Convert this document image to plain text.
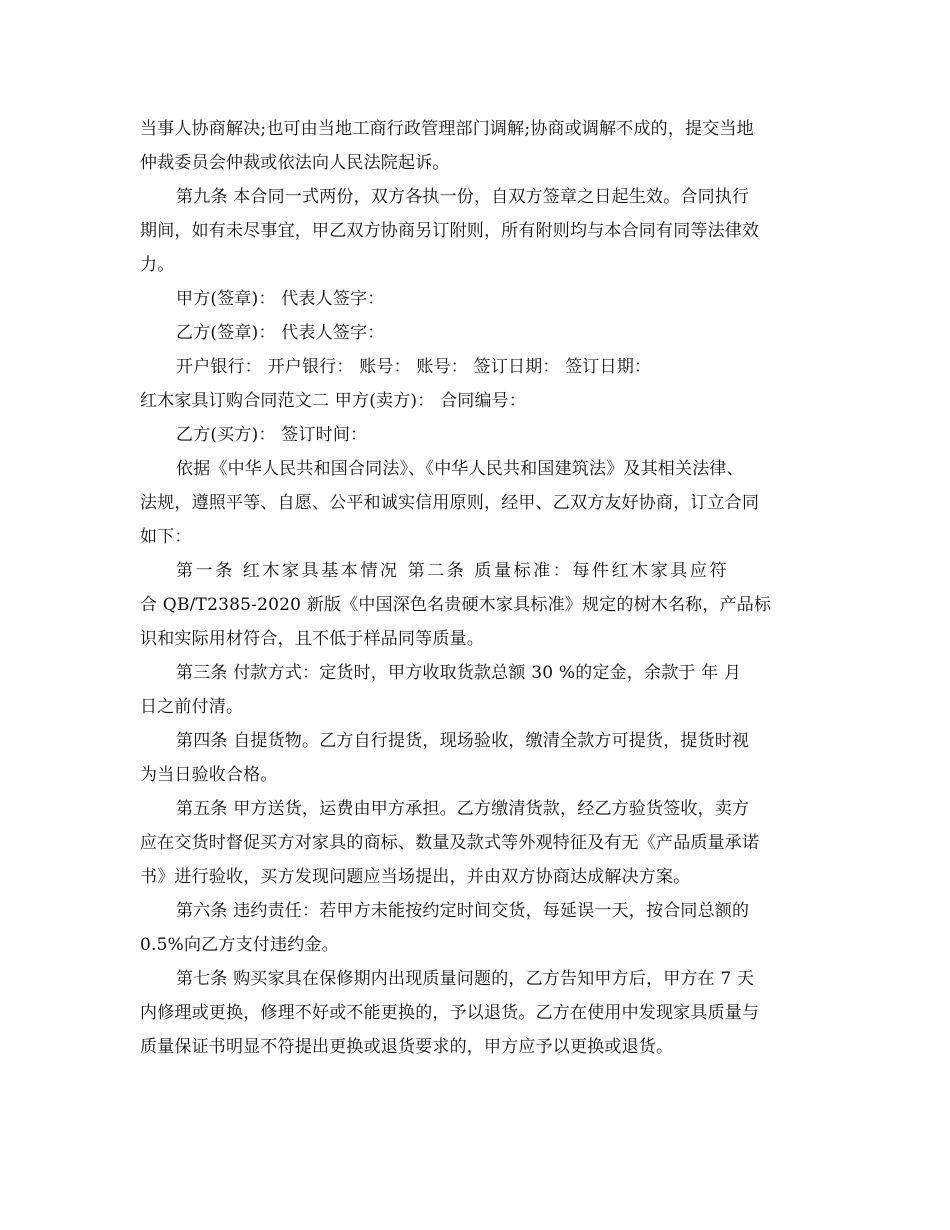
当事人协商解决;也可由当地工商行政管理部门调解;协商或调解不成的，提交当地
仲裁委员会仲裁或依法向人民法院起诉。
第九条 本合同一式两份，双方各执一份，自双方签章之日起生效。合同执行
期间，如有未尽事宜，甲乙双方协商另订附则，所有附则均与本合同有同等法律效
力。
甲方(签章)： 代表人签字：
乙方(签章)： 代表人签字：
开户银行： 开户银行： 账号： 账号： 签订日期： 签订日期：
红木家具订购合同范文二 甲方(卖方)： 合同编号：
乙方(买方)： 签订时间：
依据《中华人民共和国合同法》、《中华人民共和国建筑法》及其相关法律、
法规，遵照平等、自愿、公平和诚实信用原则，经甲、乙双方友好协商，订立合同
如下：
第一条 红木家具基本情况 第二条 质量标准：每件红木家具应符
合 QB/T2385-2020 新版《中国深色名贵硬木家具标准》规定的树木名称，产品标
识和实际用材符合，且不低于样品同等质量。
第三条 付款方式：定货时，甲方收取货款总额 30 %的定金，余款于 年 月
日之前付清。
第四条 自提货物。乙方自行提货，现场验收，缴清全款方可提货，提货时视
为当日验收合格。
第五条 甲方送货，运费由甲方承担。乙方缴清货款，经乙方验货签收，卖方
应在交货时督促买方对家具的商标、数量及款式等外观特征及有无《产品质量承诺
书》进行验收，买方发现问题应当场提出，并由双方协商达成解决方案。
第六条 违约责任：若甲方未能按约定时间交货，每延误一天，按合同总额的
0.5%向乙方支付违约金。
第七条 购买家具在保修期内出现质量问题的，乙方告知甲方后，甲方在 7 天
内修理或更换，修理不好或不能更换的，予以退货。乙方在使用中发现家具质量与
质量保证书明显不符提出更换或退货要求的，甲方应予以更换或退货。
